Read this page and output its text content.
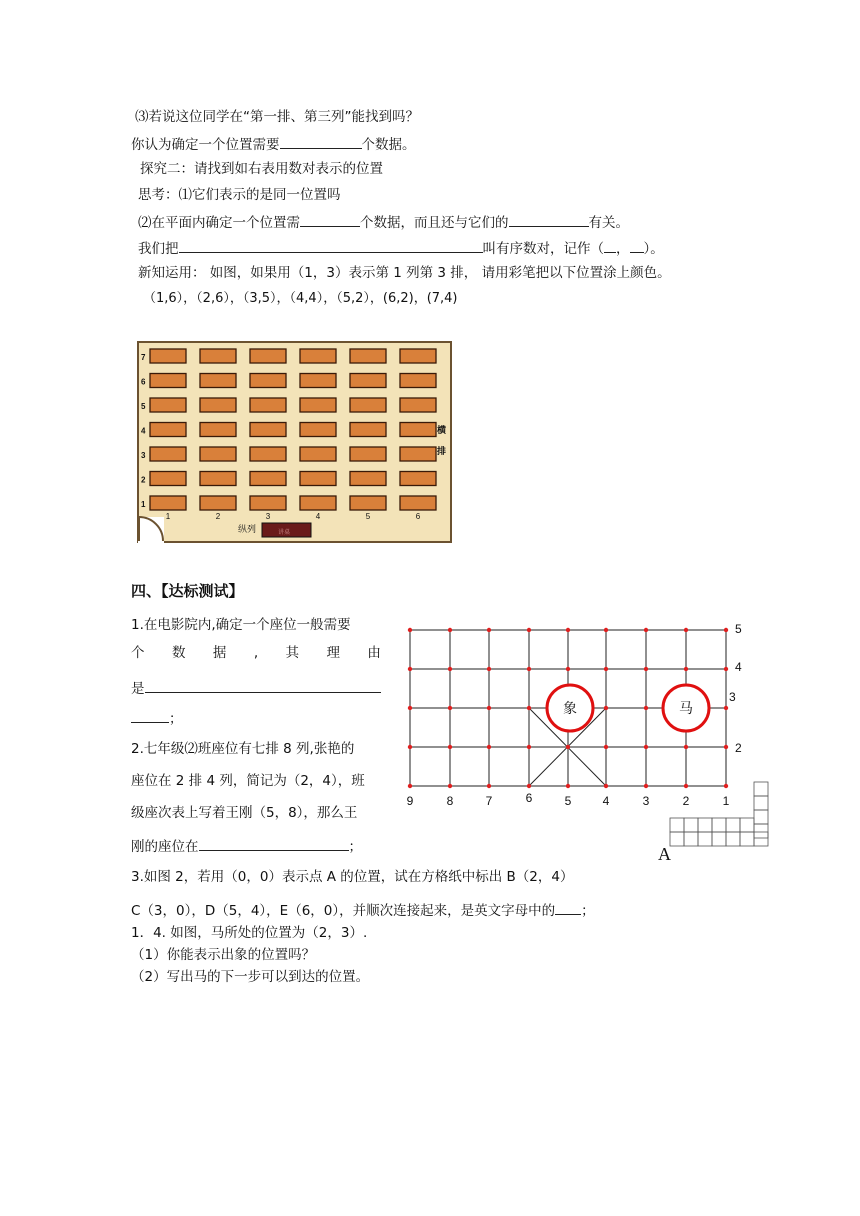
⑶若说这位同学在“第一排、第三列”能找到吗？
你认为确定一个位置需要	个数据。
探究二：请找到如右表用数对表示的位置
思考：⑴它们表示的是同一位置吗
⑵在平面内确定一个位置需	个数据，而且还与它们的	有关。
我们把	叫有序数对，记作（ ， ）。
新知运用： 如图，如果用（1，3）表示第 1 列第 3 排， 请用彩笔把以下位置涂上颜色。
（1,6），（2,6），（3,5），（4,4），（5,2），(6,2)，(7,4)
7
6
5
4
3
2
1
1	2	3	4	5	6
横
排
纵列	讲桌
四、【达标测试】
1.在电影院内,确定一个座位一般需要
个 数 据 , 其 理 由
是
；
2.七年级⑵班座位有七排 8 列,张艳的
座位在 2 排 4 列，简记为（2，4），班
级座次表上写着王刚（5，8），那么王
刚的座位在	；
3.如图 2，若用（0，0）表示点 A 的位置，试在方格纸中标出 B（2，4）
C（3，0），D（5，4），E（6，0），并顺次连接起来，是英文字母中的 ；
1．4. 如图，马所处的位置为（2，3）.
（1）你能表示出象的位置吗？
（2）写出马的下一步可以到达的位置。
9	8	7	6	5	4	3	2	1
5
4
3
2
象	马
A
